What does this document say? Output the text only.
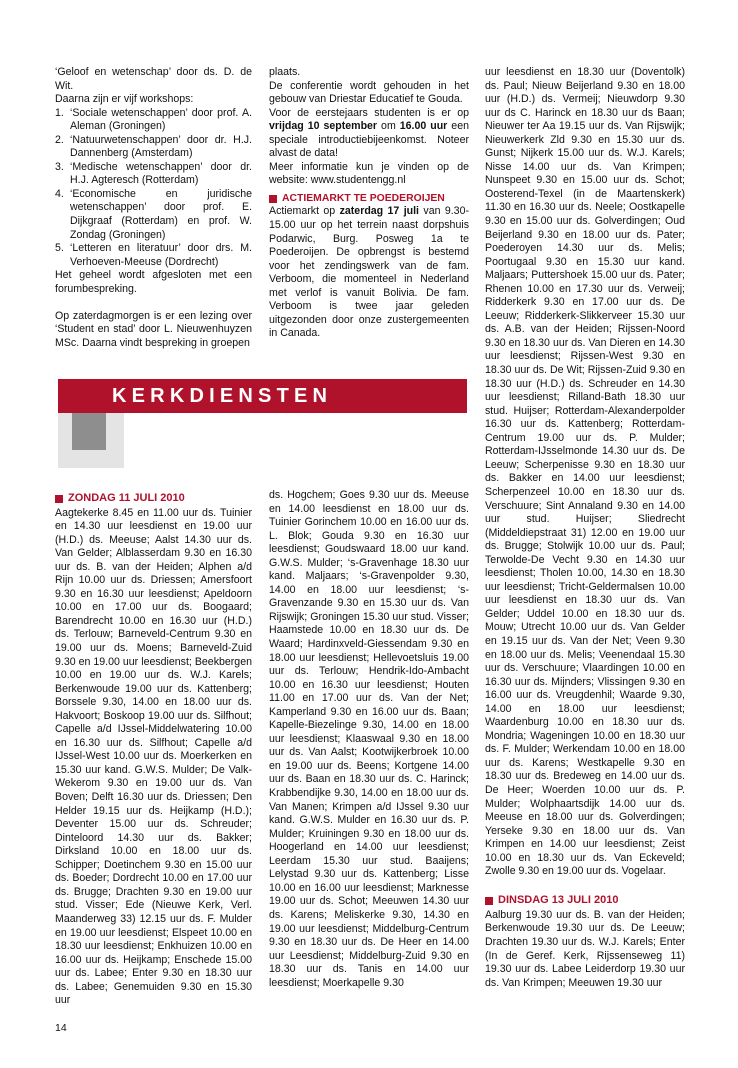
‘Geloof en wetenschap’ door ds. D. de Wit.

Daarna zijn er vijf workshops:

1. ‘Sociale wetenschappen’ door prof. A. Aleman (Groningen)
2. ‘Natuurwetenschappen’ door dr. H.J. Dannenberg (Amsterdam)
3. ‘Medische wetenschappen’ door dr. H.J. Agteresch (Rotterdam)
4. ‘Economische en juridische wetenschappen’ door prof. E. Dijkgraaf (Rotterdam) en prof. W. Zondag (Groningen)
5. ‘Letteren en literatuur’ door drs. M. Verhoeven-Meeuse (Dordrecht)

Het geheel wordt afgesloten met een forumbespreking.

Op zaterdagmorgen is er een lezing over ‘Student en stad’ door L. Nieuwenhuyzen MSc. Daarna vindt bespreking in groepen

plaats.

De conferentie wordt gehouden in het gebouw van Driestar Educatief te Gouda.

Voor de eerstejaars studenten is er op vrijdag 10 september om 16.00 uur een speciale introductiebijeenkomst. Noteer alvast de data!

Meer informatie kun je vinden op de website: www.studentengg.nl

ACTIEMARKT TE POEDEROIJEN

Actiemarkt op zaterdag 17 juli van 9.30-15.00 uur op het terrein naast dorpshuis Podarwic, Burg. Posweg 1a te Poederoijen. De opbrengst is bestemd voor het zendingswerk van de fam. Verboom, die momenteel in Nederland met verlof is vanuit Bolivia. De fam. Verboom is twee jaar geleden uitgezonden door onze zustergemeenten in Canada.

KERKDIENSTEN
ZONDAG 11 JULI 2010

Aagtekerke 8.45 en 11.00 uur ds. Tuinier en 14.30 uur leesdienst en 19.00 uur (H.D.) ds. Meeuse; Aalst 14.30 uur ds. Van Gelder; Alblasserdam 9.30 en 16.30 uur ds. B. van der Heiden; Alphen a/d Rijn 10.00 uur ds. Driessen; Amersfoort 9.30 en 16.30 uur leesdienst; Apeldoorn 10.00 en 17.00 uur ds. Boogaard; Barendrecht 10.00 en 16.30 uur (H.D.) ds. Terlouw; Barneveld-Centrum 9.30 en 19.00 uur ds. Moens; Barneveld-Zuid 9.30 en 19.00 uur leesdienst; Beekbergen 10.00 en 19.00 uur ds. W.J. Karels; Berkenwoude 19.00 uur ds. Kattenberg; Borssele 9.30, 14.00 en 18.00 uur ds. Hakvoort; Boskoop 19.00 uur ds. Silfhout; Capelle a/d IJssel-Middelwatering 10.00 en 16.30 uur ds. Silfhout; Capelle a/d IJssel-West 10.00 uur ds. Moerkerken en 15.30 uur kand. G.W.S. Mulder; De Valk-Wekerom 9.30 en 19.00 uur ds. Van Boven; Delft 16.30 uur ds. Driessen; Den Helder 19.15 uur ds. Heijkamp (H.D.); Deventer 15.00 uur ds. Schreuder; Dinteloord 14.30 uur ds. Bakker; Dirksland 10.00 en 18.00 uur ds. Schipper; Doetinchem 9.30 en 15.00 uur ds. Boeder; Dordrecht 10.00 en 17.00 uur ds. Brugge; Drachten 9.30 en 19.00 uur stud. Visser; Ede (Nieuwe Kerk, Verl. Maanderweg 33) 12.15 uur ds. F. Mulder en 19.00 uur leesdienst; Elspeet 10.00 en 18.30 uur leesdienst; Enkhuizen 10.00 en 16.00 uur ds. Heijkamp; Enschede 15.00 uur ds. Labee; Enter 9.30 en 18.30 uur ds. Labee; Genemuiden 9.30 en 15.30 uur

ds. Hogchem; Goes 9.30 uur ds. Meeuse en 14.00 leesdienst en 18.00 uur ds. Tuinier Gorinchem 10.00 en 16.00 uur ds. L. Blok; Gouda 9.30 en 16.30 uur leesdienst; Goudswaard 18.00 uur kand. G.W.S. Mulder; ‘s-Gravenhage 18.30 uur kand. Maljaars; ‘s-Gravenpolder 9.30, 14.00 en 18.00 uur leesdienst; ‘s-Gravenzande 9.30 en 15.30 uur ds. Van Rijswijk; Groningen 15.30 uur stud. Visser; Haamstede 10.00 en 18.30 uur ds. De Waard; Hardinxveld-Giessendam 9.30 en 18.00 uur leesdienst; Hellevoetsluis 19.00 uur ds. Terlouw; Hendrik-Ido-Ambacht 10.00 en 16.30 uur leesdienst; Houten 11.00 en 17.00 uur ds. Van der Net; Kamperland 9.30 en 16.00 uur ds. Baan; Kapelle-Biezelinge 9.30, 14.00 en 18.00 uur leesdienst; Klaaswaal 9.30 en 18.00 uur ds. Van Aalst; Kootwijkerbroek 10.00 en 19.00 uur ds. Beens; Kortgene 14.00 uur ds. Baan en 18.30 uur ds. C. Harinck; Krabbendijke 9.30, 14.00 en 18.00 uur ds. Van Manen; Krimpen a/d IJssel 9.30 uur kand. G.W.S. Mulder en 16.30 uur ds. P. Mulder; Kruiningen 9.30 en 18.00 uur ds. Hoogerland en 14.00 uur leesdienst; Leerdam 15.30 uur stud. Baaijens; Lelystad 9.30 uur ds. Kattenberg; Lisse 10.00 en 16.00 uur leesdienst; Marknesse 19.00 uur ds. Schot; Meeuwen 14.30 uur ds. Karens; Meliskerke 9.30, 14.30 en 19.00 uur leesdienst; Middelburg-Centrum 9.30 en 18.30 uur ds. De Heer en 14.00 uur Leesdienst; Middelburg-Zuid 9.30 en 18.30 uur ds. Tanis en 14.00 uur leesdienst; Moerkapelle 9.30

uur leesdienst en 18.30 uur (Doventolk) ds. Paul; Nieuw Beijerland 9.30 en 18.00 uur (H.D.) ds. Vermeij; Nieuwdorp 9.30 uur ds C. Harinck en 18.30 uur ds Baan; Nieuwer ter Aa 19.15 uur ds. Van Rijswijk; Nieuwerkerk Zld 9.30 en 15.30 uur ds. Gunst; Nijkerk 15.00 uur ds. W.J. Karels; Nisse 14.00 uur ds. Van Krimpen; Nunspeet 9.30 en 15.00 uur ds. Schot; Oosterend-Texel (in de Maartenskerk) 11.30 en 16.30 uur ds. Neele; Oostkapelle 9.30 en 15.00 uur ds. Golverdingen; Oud Beijerland 9.30 en 18.00 uur ds. Pater; Poederoyen 14.30 uur ds. Melis; Poortugaal 9.30 en 15.30 uur kand. Maljaars; Puttershoek 15.00 uur ds. Pater; Rhenen 10.00 en 17.30 uur ds. Verweij; Ridderkerk 9.30 en 17.00 uur ds. De Leeuw; Ridderkerk-Slikkerveer 15.30 uur ds. A.B. van der Heiden; Rijssen-Noord 9.30 en 18.30 uur ds. Van Dieren en 14.30 uur leesdienst; Rijssen-West 9.30 en 18.30 uur ds. De Wit; Rijssen-Zuid 9.30 en 18.30 uur (H.D.) ds. Schreuder en 14.30 uur leesdienst; Rilland-Bath 18.30 uur stud. Huijser; Rotterdam-Alexanderpolder 16.30 uur ds. Kattenberg; Rotterdam-Centrum 19.00 uur ds. P. Mulder; Rotterdam-IJsselmonde 14.30 uur ds. De Leeuw; Scherpenisse 9.30 en 18.30 uur ds. Bakker en 14.00 uur leesdienst; Scherpenzeel 10.00 en 18.30 uur ds. Verschuure; Sint Annaland 9.30 en 14.00 uur stud. Huijser; Sliedrecht (Middeldiepstraat 31) 12.00 en 19.00 uur ds. Brugge; Stolwijk 10.00 uur ds. Paul; Terwolde-De Vecht 9.30 en 14.30 uur leesdienst; Tholen 10.00, 14.30 en 18.30 uur leesdienst; Tricht-Geldermalsen 10.00 uur leesdienst en 18.30 uur ds. Van Gelder; Uddel 10.00 en 18.30 uur ds. Mouw; Utrecht 10.00 uur ds. Van Gelder en 19.15 uur ds. Van der Net; Veen 9.30 en 18.00 uur ds. Melis; Veenendaal 15.30 uur ds. Verschuure; Vlaardingen 10.00 en 16.30 uur ds. Mijnders; Vlissingen 9.30 en 16.00 uur ds. Vreugdenhil; Waarde 9.30, 14.00 en 18.00 uur leesdienst; Waardenburg 10.00 en 18.30 uur ds. Mondria; Wageningen 10.00 en 18.30 uur ds. F. Mulder; Werkendam 10.00 en 18.00 uur ds. Karens; Westkapelle 9.30 en 18.30 uur ds. Bredeweg en 14.00 uur ds. De Heer; Woerden 10.00 uur ds. P. Mulder; Wolphaartsdijk 14.00 uur ds. Meeuse en 18.00 uur ds. Golverdingen; Yerseke 9.30 en 18.00 uur ds. Van Krimpen en 14.00 uur leesdienst; Zeist 10.00 en 18.30 uur ds. Van Eckeveld; Zwolle 9.30 en 19.00 uur ds. Vogelaar.

DINSDAG 13 JULI 2010

Aalburg 19.30 uur ds. B. van der Heiden; Berkenwoude 19.30 uur ds. De Leeuw; Drachten 19.30 uur ds. W.J. Karels; Enter (In de Geref. Kerk, Rijssenseweg 11) 19.30 uur ds. Labee Leiderdorp 19.30 uur ds. Van Krimpen; Meeuwen 19.30 uur

14
